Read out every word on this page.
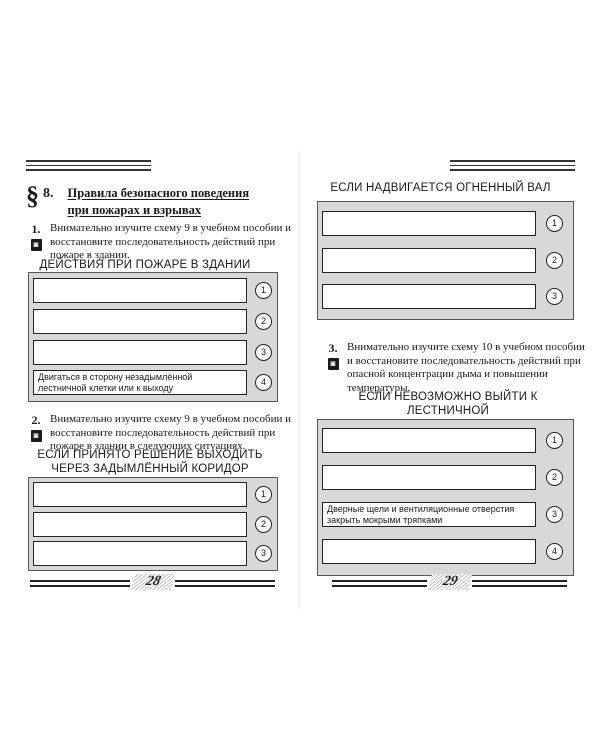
§ 8. Правила безопасного поведения
при пожарах и взрывах
1.
◙
Внимательно изучите схему 9 в учебном пособии и восстановите последовательность действий при пожаре в здании.
ДЕЙСТВИЯ ПРИ ПОЖАРЕ В ЗДАНИИ
Двигаться в сторону незадымлённой лестничной клетки или к выходу
1
2
3
4
2.
◙
Внимательно изучите схему 9 в учебном пособии и восстановите последовательность действий при пожаре в здании в следующих ситуациях.
ЕСЛИ ПРИНЯТО РЕШЕНИЕ ВЫХОДИТЬ
ЧЕРЕЗ ЗАДЫМЛЁННЫЙ КОРИДОР
1
2
3
28
ЕСЛИ НАДВИГАЕТСЯ ОГНЕННЫЙ ВАЛ
1
2
3
3.
◙
Внимательно изучите схему 10 в учебном пособии и восстановите последовательность действий при опасной концентрации дыма и повышении температуры.
ЕСЛИ НЕВОЗМОЖНО ВЫЙТИ К ЛЕСТНИЧНОЙ
Дверные щели и вентиляционные отверстия закрыть мокрыми тряпками
1
2
3
4
29
